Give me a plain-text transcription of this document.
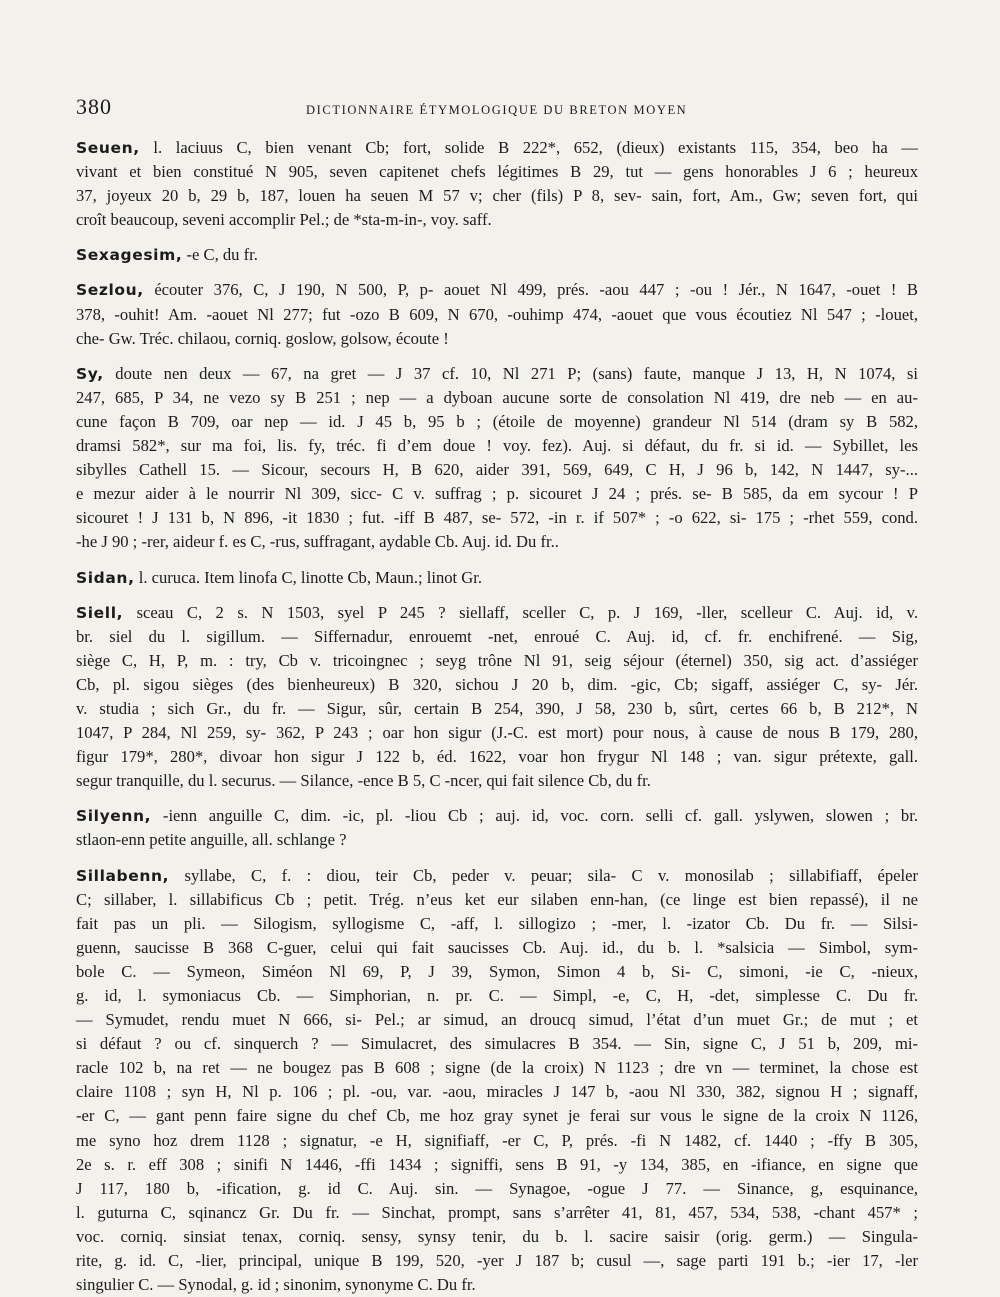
380	DICTIONNAIRE ÉTYMOLOGIQUE DU BRETON MOYEN
Seuen, l. laciuus C, bien venant Cb; fort, solide B 222*, 652, (dieux) existants 115, 354, beo ha —
vivant et bien constitué N 905, seven capitenet chefs légitimes B 29, tut — gens honorables J 6 ; heureux
37, joyeux 20 b, 29 b, 187, louen ha seuen M 57 v; cher (fils) P 8, sev- sain, fort, Am., Gw; seven fort, qui
croît beaucoup, seveni accomplir Pel.; de *sta-m-in-, voy. saff.
Sexagesim, -e C, du fr.
Sezlou, écouter 376, C, J 190, N 500, P, p- aouet Nl 499, prés. -aou 447 ; -ou ! Jér., N 1647, -ouet ! B
378, -ouhit! Am. -aouet Nl 277; fut -ozo B 609, N 670, -ouhimp 474, -aouet que vous écoutiez Nl 547 ; -louet,
che- Gw. Tréc. chilaou, corniq. goslow, golsow, écoute !
Sy, doute nen deux — 67, na gret — J 37 cf. 10, Nl 271 P; (sans) faute, manque J 13, H, N 1074, si
247, 685, P 34, ne vezo sy B 251 ; nep — a dyboan aucune sorte de consolation Nl 419, dre neb — en au-
cune façon B 709, oar nep — id. J 45 b, 95 b ; (étoile de moyenne) grandeur Nl 514 (dram sy B 582,
dramsi 582*, sur ma foi, lis. fy, tréc. fi d’em doue ! voy. fez). Auj. si défaut, du fr. si id. — Sybillet, les
sibylles Cathell 15. — Sicour, secours H, B 620, aider 391, 569, 649, C H, J 96 b, 142, N 1447, sy-...
e mezur aider à le nourrir Nl 309, sicc- C v. suffrag ; p. sicouret J 24 ; prés. se- B 585, da em sycour ! P
sicouret ! J 131 b, N 896, -it 1830 ; fut. -iff B 487, se- 572, -in r. if 507* ; -o 622, si- 175 ; -rhet 559, cond.
-he J 90 ; -rer, aideur f. es C, -rus, suffragant, aydable Cb. Auj. id. Du fr..
Sidan, l. curuca. Item linofa C, linotte Cb, Maun.; linot Gr.
Siell, sceau C, 2 s. N 1503, syel P 245 ? siellaff, sceller C, p. J 169, -ller, scelleur C. Auj. id, v.
br. siel du l. sigillum. — Siffernadur, enrouemt -net, enroué C. Auj. id, cf. fr. enchifrené. — Sig,
siège C, H, P, m. : try, Cb v. tricoingnec ; seyg trône Nl 91, seig séjour (éternel) 350, sig act. d’assiéger
Cb, pl. sigou sièges (des bienheureux) B 320, sichou J 20 b, dim. -gic, Cb; sigaff, assiéger C, sy- Jér.
v. studia ; sich Gr., du fr. — Sigur, sûr, certain B 254, 390, J 58, 230 b, sûrt, certes 66 b, B 212*, N
1047, P 284, Nl 259, sy- 362, P 243 ; oar hon sigur (J.-C. est mort) pour nous, à cause de nous B 179, 280,
figur 179*, 280*, divoar hon sigur J 122 b, éd. 1622, voar hon frygur Nl 148 ; van. sigur prétexte, gall.
segur tranquille, du l. securus. — Silance, -ence B 5, C -ncer, qui fait silence Cb, du fr.
Silyenn, -ienn anguille C, dim. -ic, pl. -liou Cb ; auj. id, voc. corn. selli cf. gall. yslywen, slowen ; br.
stlaon-enn petite anguille, all. schlange ?
Sillabenn, syllabe, C, f. : diou, teir Cb, peder v. peuar; sila- C v. monosilab ; sillabifiaff, épeler
C; sillaber, l. sillabificus Cb ; petit. Trég. n’eus ket eur silaben enn-han, (ce linge est bien repassé), il ne
fait pas un pli. — Silogism, syllogisme C, -aff, l. sillogizo ; -mer, l. -izator Cb. Du fr. — Silsi-
guenn, saucisse B 368 C-guer, celui qui fait saucisses Cb. Auj. id., du b. l. *salsicia — Simbol, sym-
bole C. — Symeon, Siméon Nl 69, P, J 39, Symon, Simon 4 b, Si- C, simoni, -ie C, -nieux,
g. id, l. symoniacus Cb. — Simphorian, n. pr. C. — Simpl, -e, C, H, -det, simplesse C. Du fr.
— Symudet, rendu muet N 666, si- Pel.; ar simud, an droucq simud, l’état d’un muet Gr.; de mut ; et
si défaut ? ou cf. sinquerch ? — Simulacret, des simulacres B 354. — Sin, signe C, J 51 b, 209, mi-
racle 102 b, na ret — ne bougez pas B 608 ; signe (de la croix) N 1123 ; dre vn — terminet, la chose est
claire 1108 ; syn H, Nl p. 106 ; pl. -ou, var. -aou, miracles J 147 b, -aou Nl 330, 382, signou H ; signaff,
-er C, — gant penn faire signe du chef Cb, me hoz gray synet je ferai sur vous le signe de la croix N 1126,
me syno hoz drem 1128 ; signatur, -e H, signifiaff, -er C, P, prés. -fi N 1482, cf. 1440 ; -ffy B 305,
2e s. r. eff 308 ; sinifi N 1446, -ffi 1434 ; signiffi, sens B 91, -y 134, 385, en -ifiance, en signe que
J 117, 180 b, -ification, g. id C. Auj. sin. — Synagoe, -ogue J 77. — Sinance, g, esquinance,
l. guturna C, sqinancz Gr. Du fr. — Sinchat, prompt, sans s’arrêter 41, 81, 457, 534, 538, -chant 457* ;
voc. corniq. sinsiat tenax, corniq. sensy, synsy tenir, du b. l. sacire saisir (orig. germ.) — Singula-
rite, g. id. C, -lier, principal, unique B 199, 520, -yer J 187 b; cusul —, sage parti 191 b.; -ier 17, -ler
singulier C. — Synodal, g. id ; sinonim, synonyme C. Du fr.
